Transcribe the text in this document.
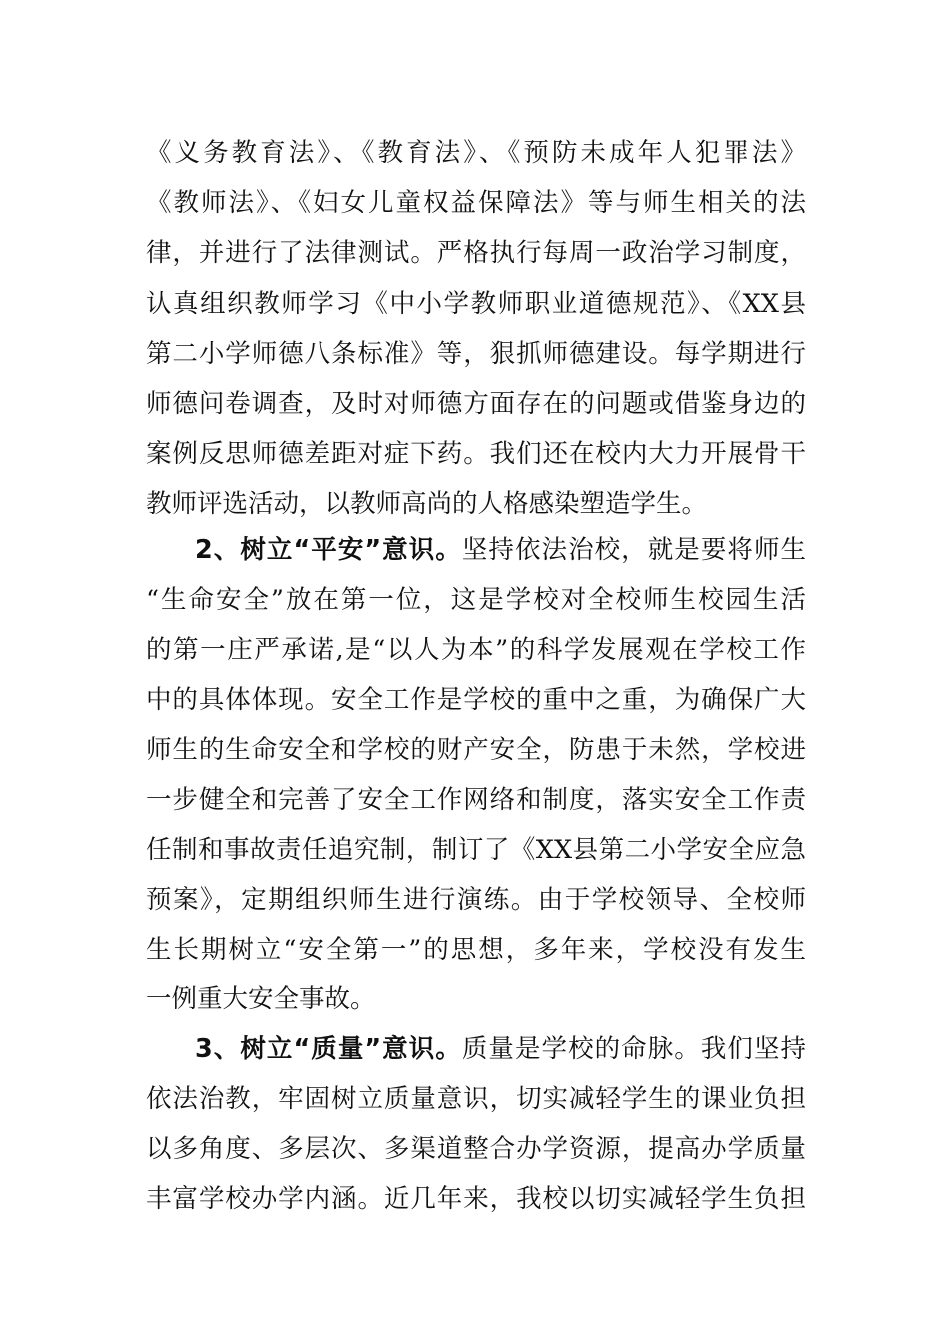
《义务教育法》、《教育法》、《预防未成年人犯罪法》
《教师法》、《妇女儿童权益保障法》等与师生相关的法
律，并进行了法律测试。严格执行每周一政治学习制度，
认真组织教师学习《中小学教师职业道德规范》、《XX县
第二小学师德八条标准》等，狠抓师德建设。每学期进行
师德问卷调查，及时对师德方面存在的问题或借鉴身边的
案例反思师德差距对症下药。我们还在校内大力开展骨干
教师评选活动，以教师高尚的人格感染塑造学生。
2、树立“平安”意识。坚持依法治校，就是要将师生
“生命安全”放在第一位，这是学校对全校师生校园生活
的第一庄严承诺,是“以人为本”的科学发展观在学校工作
中的具体体现。安全工作是学校的重中之重，为确保广大
师生的生命安全和学校的财产安全，防患于未然，学校进
一步健全和完善了安全工作网络和制度，落实安全工作责
任制和事故责任追究制，制订了《XX县第二小学安全应急
预案》，定期组织师生进行演练。由于学校领导、全校师
生长期树立“安全第一”的思想，多年来，学校没有发生
一例重大安全事故。
3、树立“质量”意识。质量是学校的命脉。我们坚持
依法治教，牢固树立质量意识，切实减轻学生的课业负担
以多角度、多层次、多渠道整合办学资源，提高办学质量
丰富学校办学内涵。近几年来，我校以切实减轻学生负担
